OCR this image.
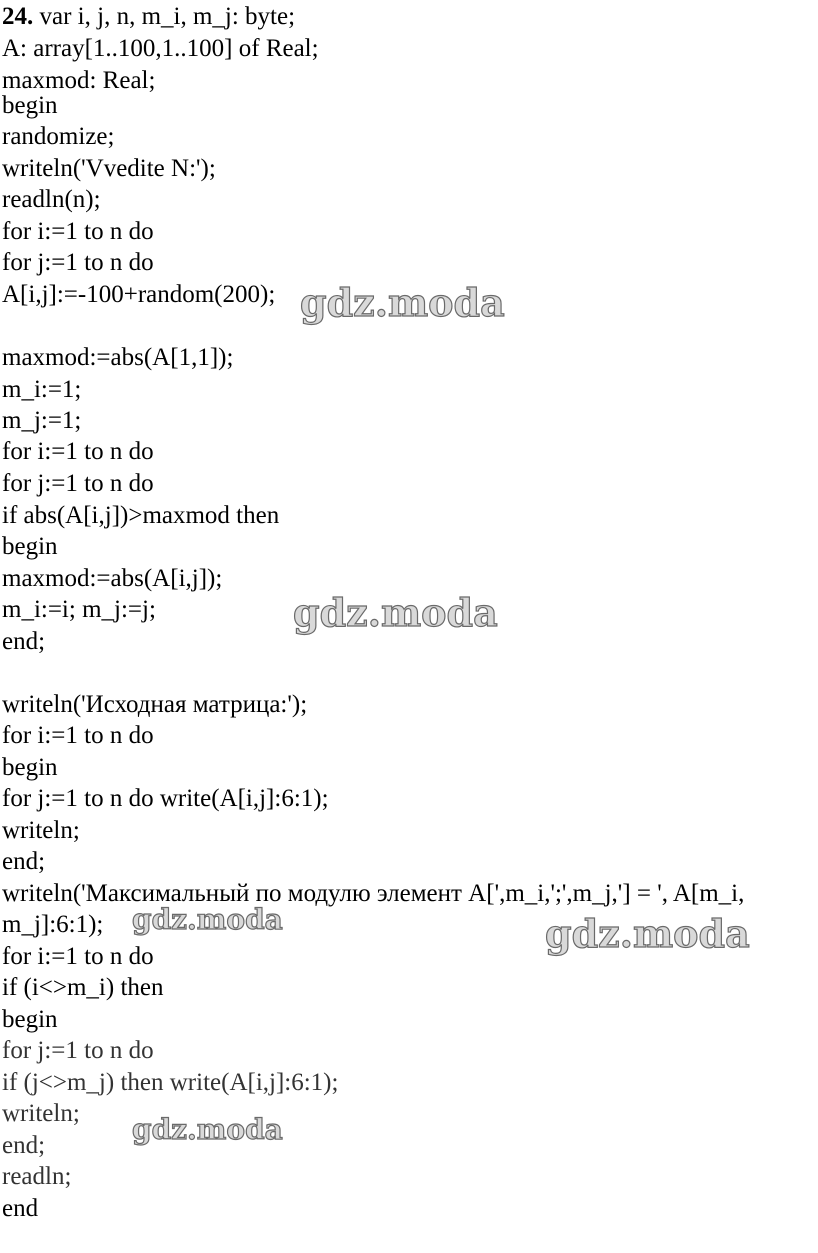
24. var i, j, n, m_i, m_j: byte;
A: array[1..100,1..100] of Real;
maxmod: Real;
begin
randomize;
writeln('Vvedite N:');
readln(n);
for i:=1 to n do
for j:=1 to n do
A[i,j]:=-100+random(200);
maxmod:=abs(A[1,1]);
m_i:=1;
m_j:=1;
for i:=1 to n do
for j:=1 to n do
if abs(A[i,j])>maxmod then
begin
maxmod:=abs(A[i,j]);
m_i:=i; m_j:=j;
end;
writeln('Исходная матрица:');
for i:=1 to n do
begin
for j:=1 to n do write(A[i,j]:6:1);
writeln;
end;
writeln('Максимальный по модулю элемент A[',m_i,';',m_j,'] = ', A[m_i,
m_j]:6:1);
for i:=1 to n do
if (i<>m_i) then
begin
for j:=1 to n do
if (j<>m_j) then write(A[i,j]:6:1);
writeln;
end;
readln;
end
gdz.moda
gdz.moda
gdz.moda	gdz.moda
gdz.moda
